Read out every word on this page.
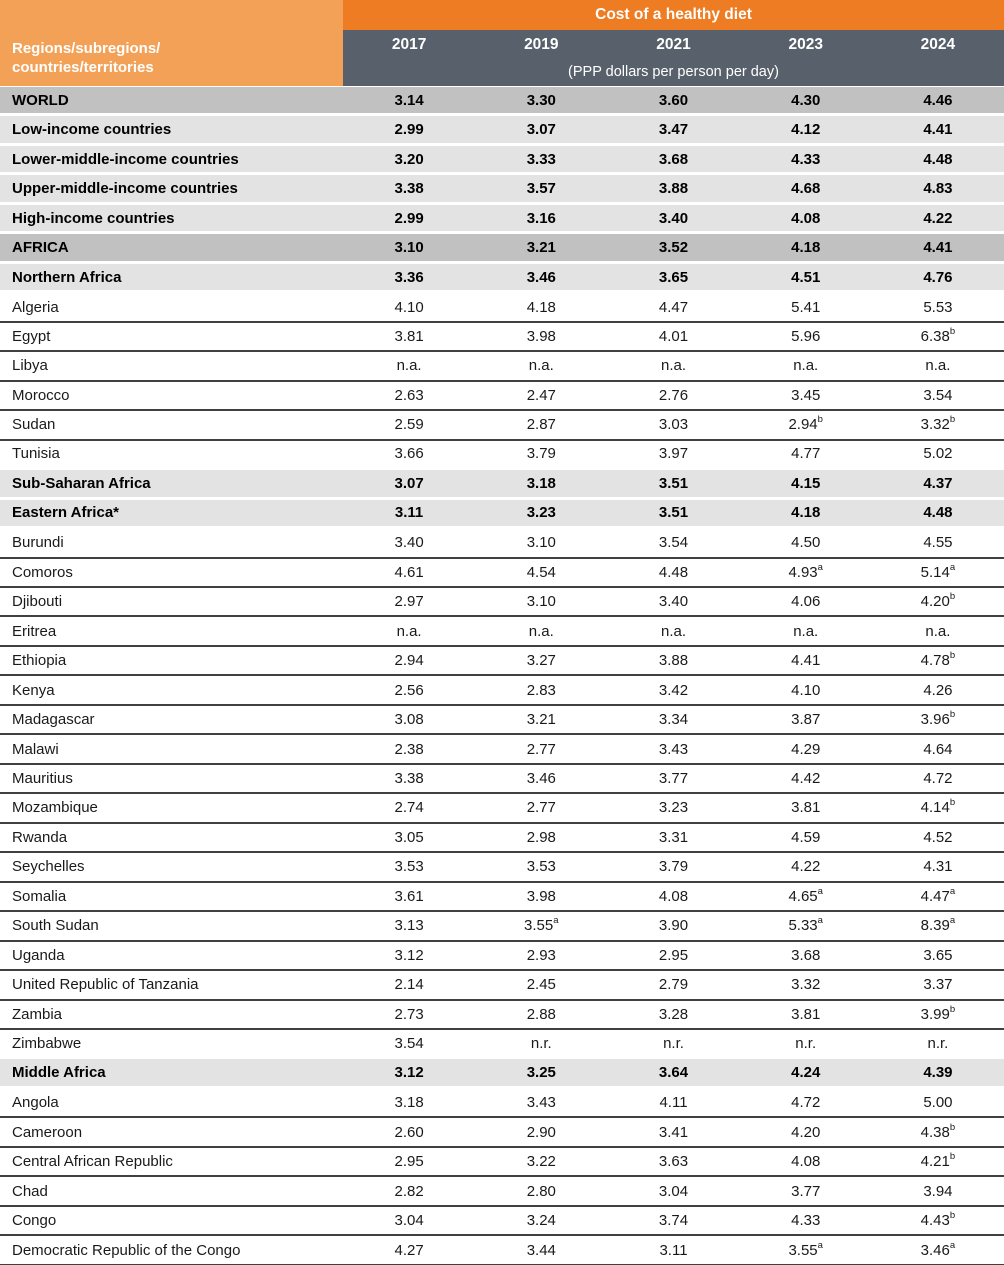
Regions/subregions/
countries/territories
Cost of a healthy diet
2017	2019	2021	2023	2024
(PPP dollars per person per day)
WORLD	3.14	3.30	3.60	4.30	4.46
Low-income countries	2.99	3.07	3.47	4.12	4.41
Lower-middle-income countries	3.20	3.33	3.68	4.33	4.48
Upper-middle-income countries	3.38	3.57	3.88	4.68	4.83
High-income countries	2.99	3.16	3.40	4.08	4.22
AFRICA	3.10	3.21	3.52	4.18	4.41
Northern Africa	3.36	3.46	3.65	4.51	4.76
Algeria	4.10	4.18	4.47	5.41	5.53
Egypt	3.81	3.98	4.01	5.96	6.38$^b$
Libya	n.a.	n.a.	n.a.	n.a.	n.a.
Morocco	2.63	2.47	2.76	3.45	3.54
Sudan	2.59	2.87	3.03	2.94$^b$	3.32$^b$
Tunisia	3.66	3.79	3.97	4.77	5.02
Sub-Saharan Africa	3.07	3.18	3.51	4.15	4.37
Eastern Africa*	3.11	3.23	3.51	4.18	4.48
Burundi	3.40	3.10	3.54	4.50	4.55
Comoros	4.61	4.54	4.48	4.93$^a$	5.14$^a$
Djibouti	2.97	3.10	3.40	4.06	4.20$^b$
Eritrea	n.a.	n.a.	n.a.	n.a.	n.a.
Ethiopia	2.94	3.27	3.88	4.41	4.78$^b$
Kenya	2.56	2.83	3.42	4.10	4.26
Madagascar	3.08	3.21	3.34	3.87	3.96$^b$
Malawi	2.38	2.77	3.43	4.29	4.64
Mauritius	3.38	3.46	3.77	4.42	4.72
Mozambique	2.74	2.77	3.23	3.81	4.14$^b$
Rwanda	3.05	2.98	3.31	4.59	4.52
Seychelles	3.53	3.53	3.79	4.22	4.31
Somalia	3.61	3.98	4.08	4.65$^a$	4.47$^a$
South Sudan	3.13	3.55$^a$	3.90	5.33$^a$	8.39$^a$
Uganda	3.12	2.93	2.95	3.68	3.65
United Republic of Tanzania	2.14	2.45	2.79	3.32	3.37
Zambia	2.73	2.88	3.28	3.81	3.99$^b$
Zimbabwe	3.54	n.r.	n.r.	n.r.	n.r.
Middle Africa	3.12	3.25	3.64	4.24	4.39
Angola	3.18	3.43	4.11	4.72	5.00
Cameroon	2.60	2.90	3.41	4.20	4.38$^b$
Central African Republic	2.95	3.22	3.63	4.08	4.21$^b$
Chad	2.82	2.80	3.04	3.77	3.94
Congo	3.04	3.24	3.74	4.33	4.43$^b$
Democratic Republic of the Congo	4.27	3.44	3.11	3.55$^a$	3.46$^a$
